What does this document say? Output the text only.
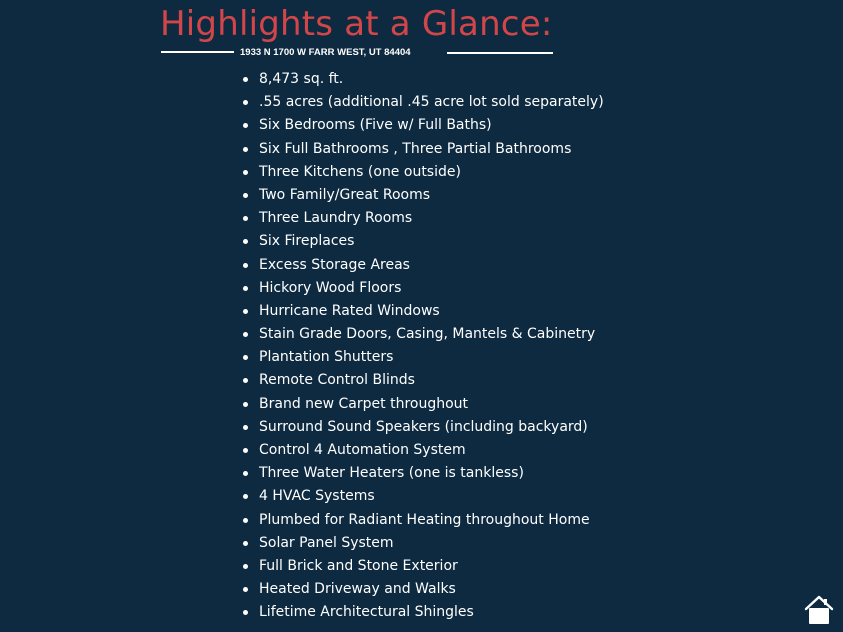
Highlights at a Glance:
1933 N 1700 W FARR WEST, UT 84404
8,473 sq. ft.
.55 acres (additional .45 acre lot sold separately)
Six Bedrooms (Five w/ Full Baths)
Six Full Bathrooms , Three Partial Bathrooms
Three Kitchens (one outside)
Two Family/Great Rooms
Three Laundry Rooms
Six Fireplaces
Excess Storage Areas
Hickory Wood Floors
Hurricane Rated Windows
Stain Grade Doors, Casing, Mantels & Cabinetry
Plantation Shutters
Remote Control Blinds
Brand new Carpet throughout
Surround Sound Speakers (including backyard)
Control 4 Automation System
Three Water Heaters (one is tankless)
4 HVAC Systems
Plumbed for Radiant Heating throughout Home
Solar Panel System
Full Brick and Stone Exterior
Heated Driveway and Walks
Lifetime Architectural Shingles
